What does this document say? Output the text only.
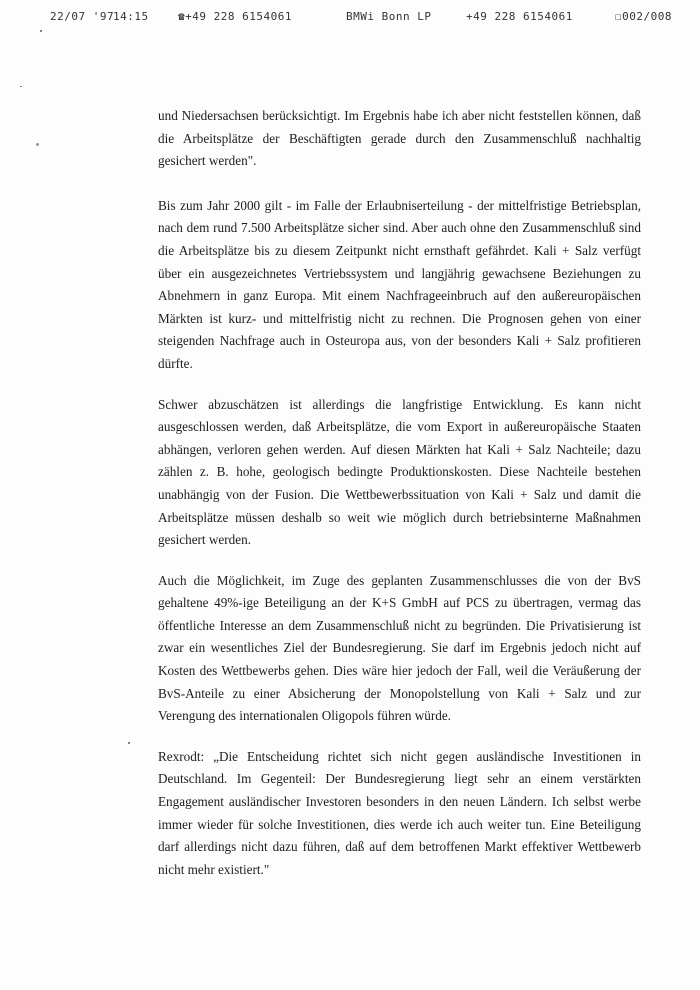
22/07 '97
14:15	☎+49 228 6154061	BMWi Bonn LP	+49 228 6154061	☐002/008

und Niedersachsen berücksichtigt. Im Ergebnis habe ich aber nicht feststellen können, daß die Arbeitsplätze der Beschäftigten gerade durch den Zusammenschluß nachhaltig gesichert werden".

Bis zum Jahr 2000 gilt - im Falle der Erlaubniserteilung - der mittelfristige Betriebsplan, nach dem rund 7.500 Arbeitsplätze sicher sind. Aber auch ohne den Zusammenschluß sind die Arbeitsplätze bis zu diesem Zeitpunkt nicht ernsthaft gefährdet. Kali + Salz verfügt über ein ausgezeichnetes Vertriebssystem und langjährig gewachsene Beziehungen zu Abnehmern in ganz Europa. Mit einem Nachfrageeinbruch auf den außereuropäischen Märkten ist kurz- und mittelfristig nicht zu rechnen. Die Prognosen gehen von einer steigenden Nachfrage auch in Osteuropa aus, von der besonders Kali + Salz profitieren dürfte.

Schwer abzuschätzen ist allerdings die langfristige Entwicklung. Es kann nicht ausgeschlossen werden, daß Arbeitsplätze, die vom Export in außereuropäische Staaten abhängen, verloren gehen werden. Auf diesen Märkten hat Kali + Salz Nachteile; dazu zählen z. B. hohe, geologisch bedingte Produktionskosten. Diese Nachteile bestehen unabhängig von der Fusion. Die Wettbewerbssituation von Kali + Salz und damit die Arbeitsplätze müssen deshalb so weit wie möglich durch betriebsinterne Maßnahmen gesichert werden.

Auch die Möglichkeit, im Zuge des geplanten Zusammenschlusses die von der BvS gehaltene 49%-ige Beteiligung an der K+S GmbH auf PCS zu übertragen, vermag das öffentliche Interesse an dem Zusammenschluß nicht zu begründen. Die Privatisierung ist zwar ein wesentliches Ziel der Bundesregierung. Sie darf im Ergebnis jedoch nicht auf Kosten des Wettbewerbs gehen. Dies wäre hier jedoch der Fall, weil die Veräußerung der BvS-Anteile zu einer Absicherung der Monopolstellung von Kali + Salz und zur Verengung des internationalen Oligopols führen würde.

Rexrodt: „Die Entscheidung richtet sich nicht gegen ausländische Investitionen in Deutschland. Im Gegenteil: Der Bundesregierung liegt sehr an einem verstärkten Engagement ausländischer Investoren besonders in den neuen Ländern. Ich selbst werbe immer wieder für solche Investitionen, dies werde ich auch weiter tun. Eine Beteiligung darf allerdings nicht dazu führen, daß auf dem betroffenen Markt effektiver Wettbewerb nicht mehr existiert."
